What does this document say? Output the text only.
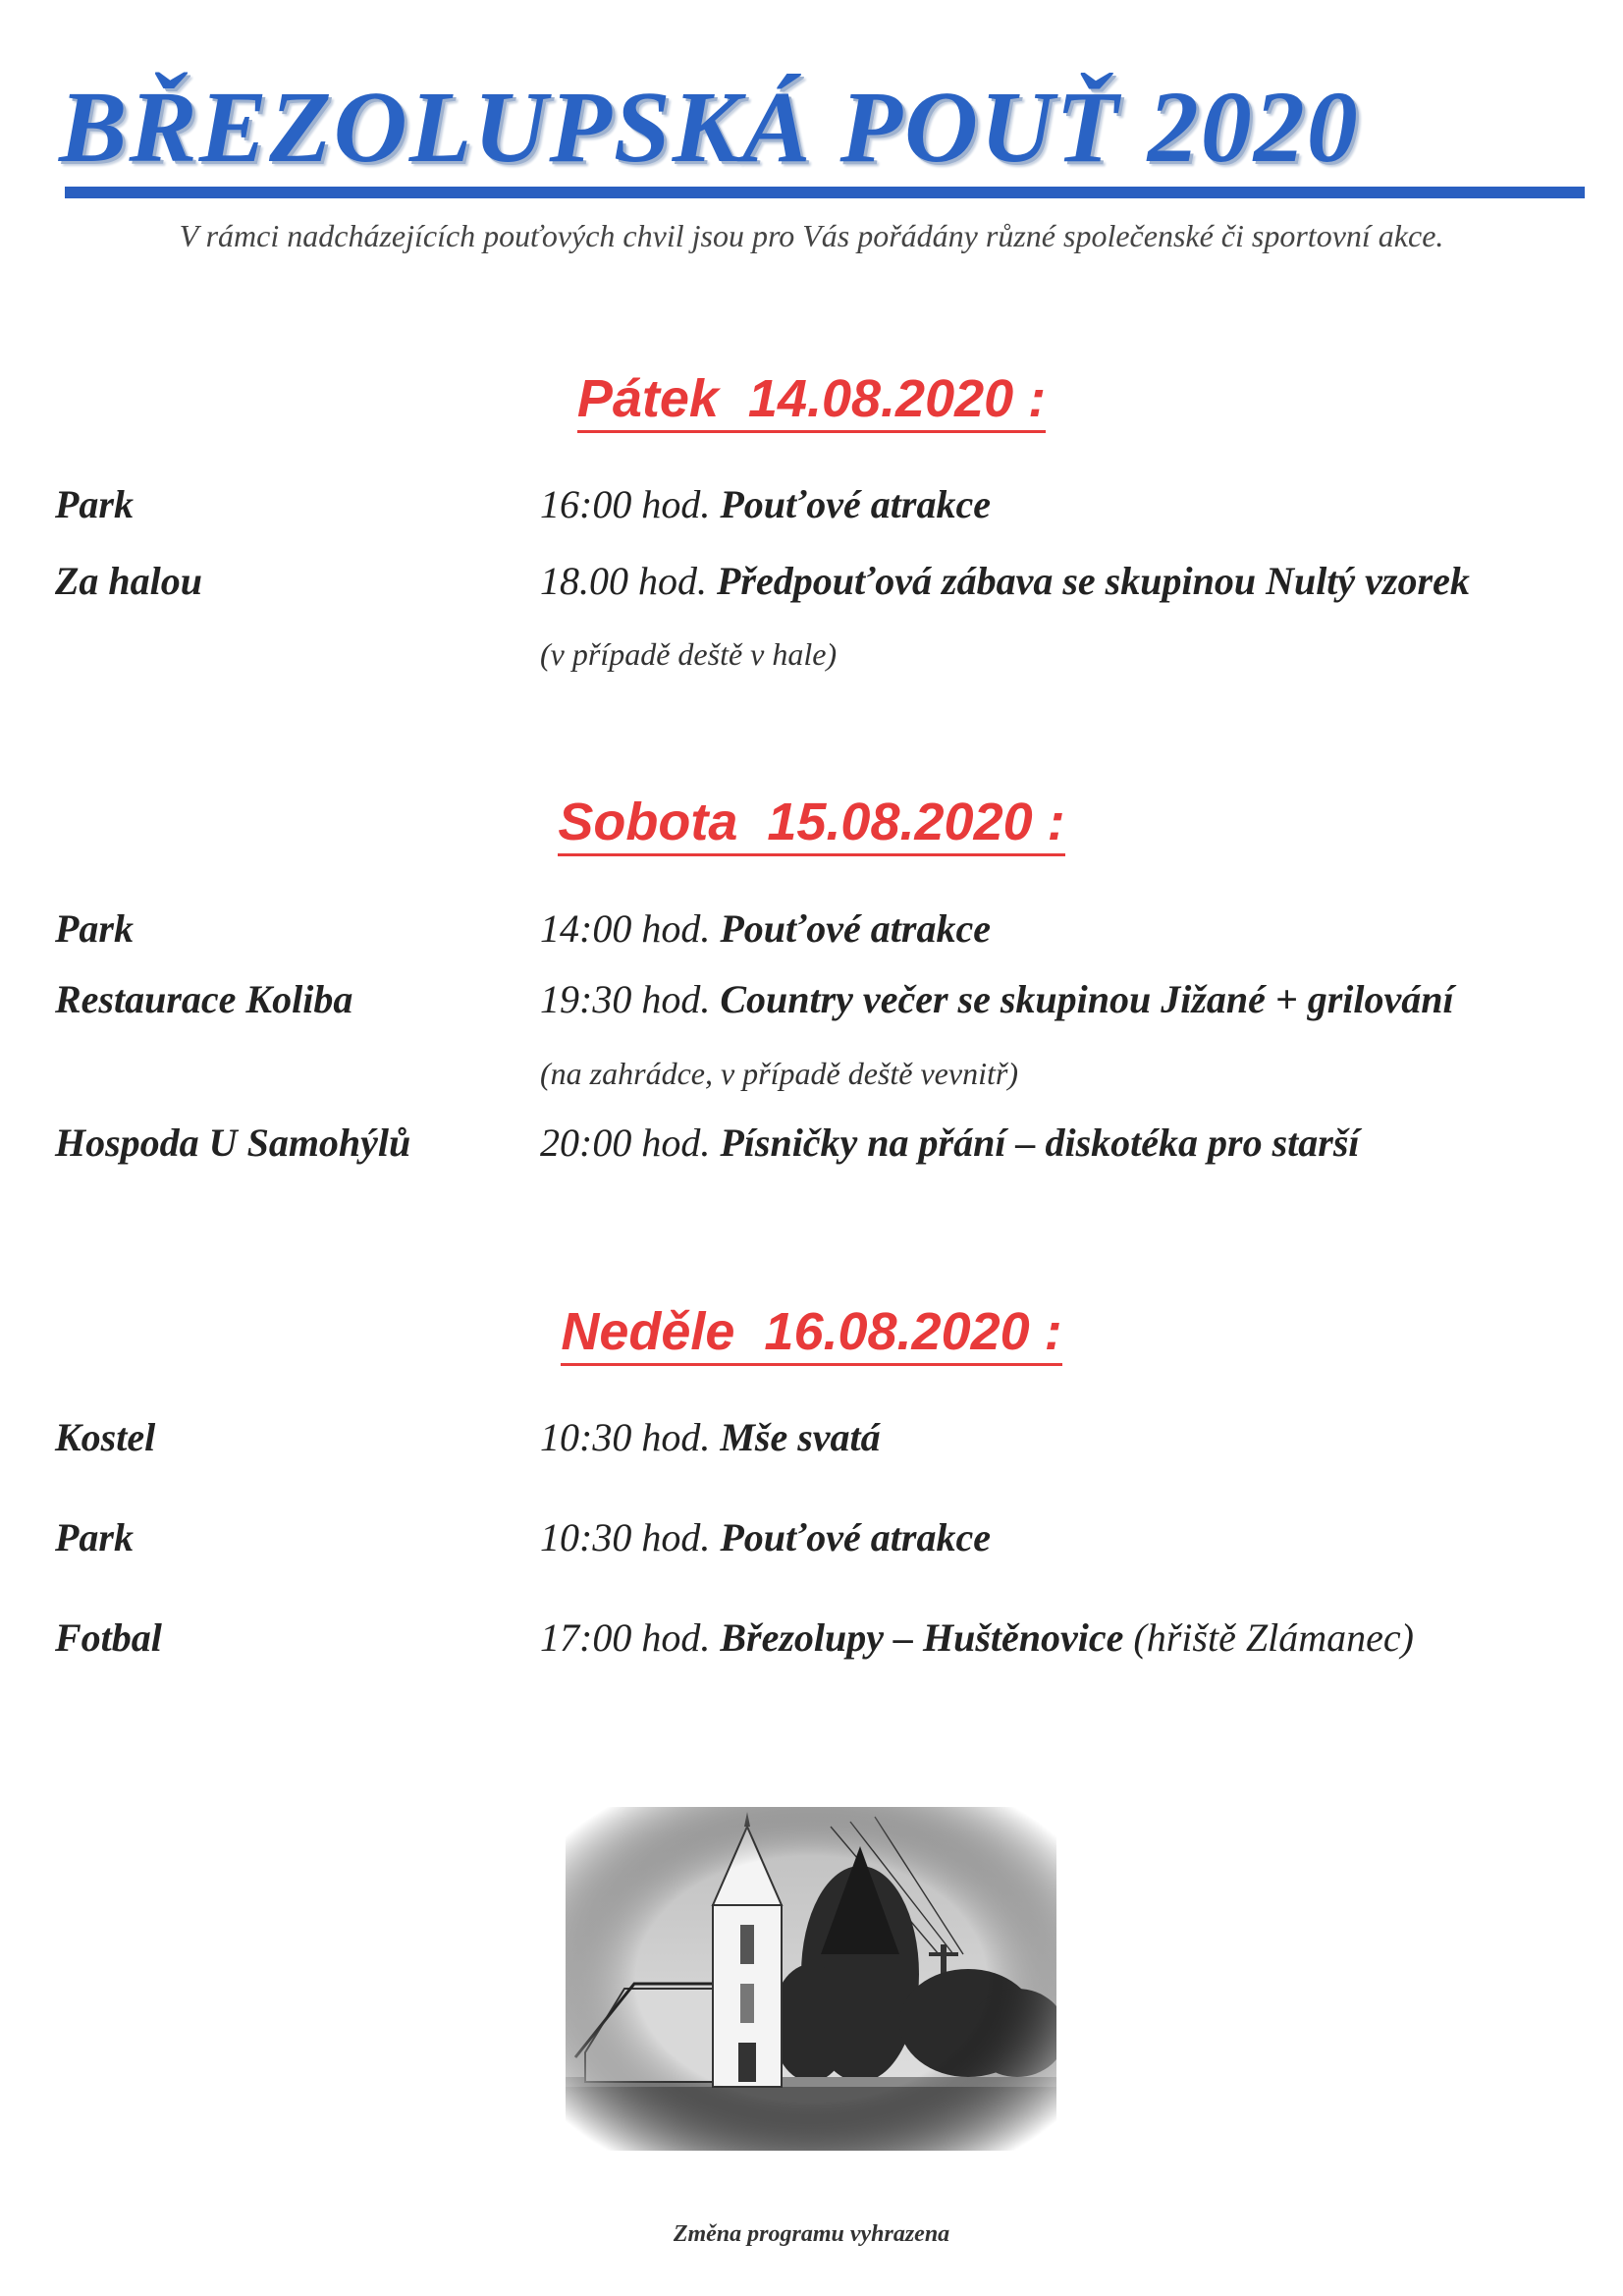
BŘEZOLUPSKÁ POUŤ 2020
V rámci nadcházejících pouťových chvil jsou pro Vás pořádány různé společenské či sportovní akce.
Pátek  14.08.2020 :
Park	16:00 hod. Pouťové atrakce
Za halou	18.00 hod. Předpouťová zábava se skupinou Nultý vzorek
(v případě deště v hale)
Sobota  15.08.2020 :
Park	14:00 hod. Pouťové atrakce
Restaurace Koliba	19:30 hod. Country večer se skupinou Jižané + grilování
(na zahrádce, v případě deště vevnitř)
Hospoda U Samohýlů	20:00 hod. Písničky na přání – diskotéka pro starší
Neděle  16.08.2020 :
Kostel	10:30 hod. Mše svatá
Park	10:30 hod. Pouťové atrakce
Fotbal	17:00 hod. Březolupy – Huštěnovice (hřiště Zlámanec)
Změna programu vyhrazena
